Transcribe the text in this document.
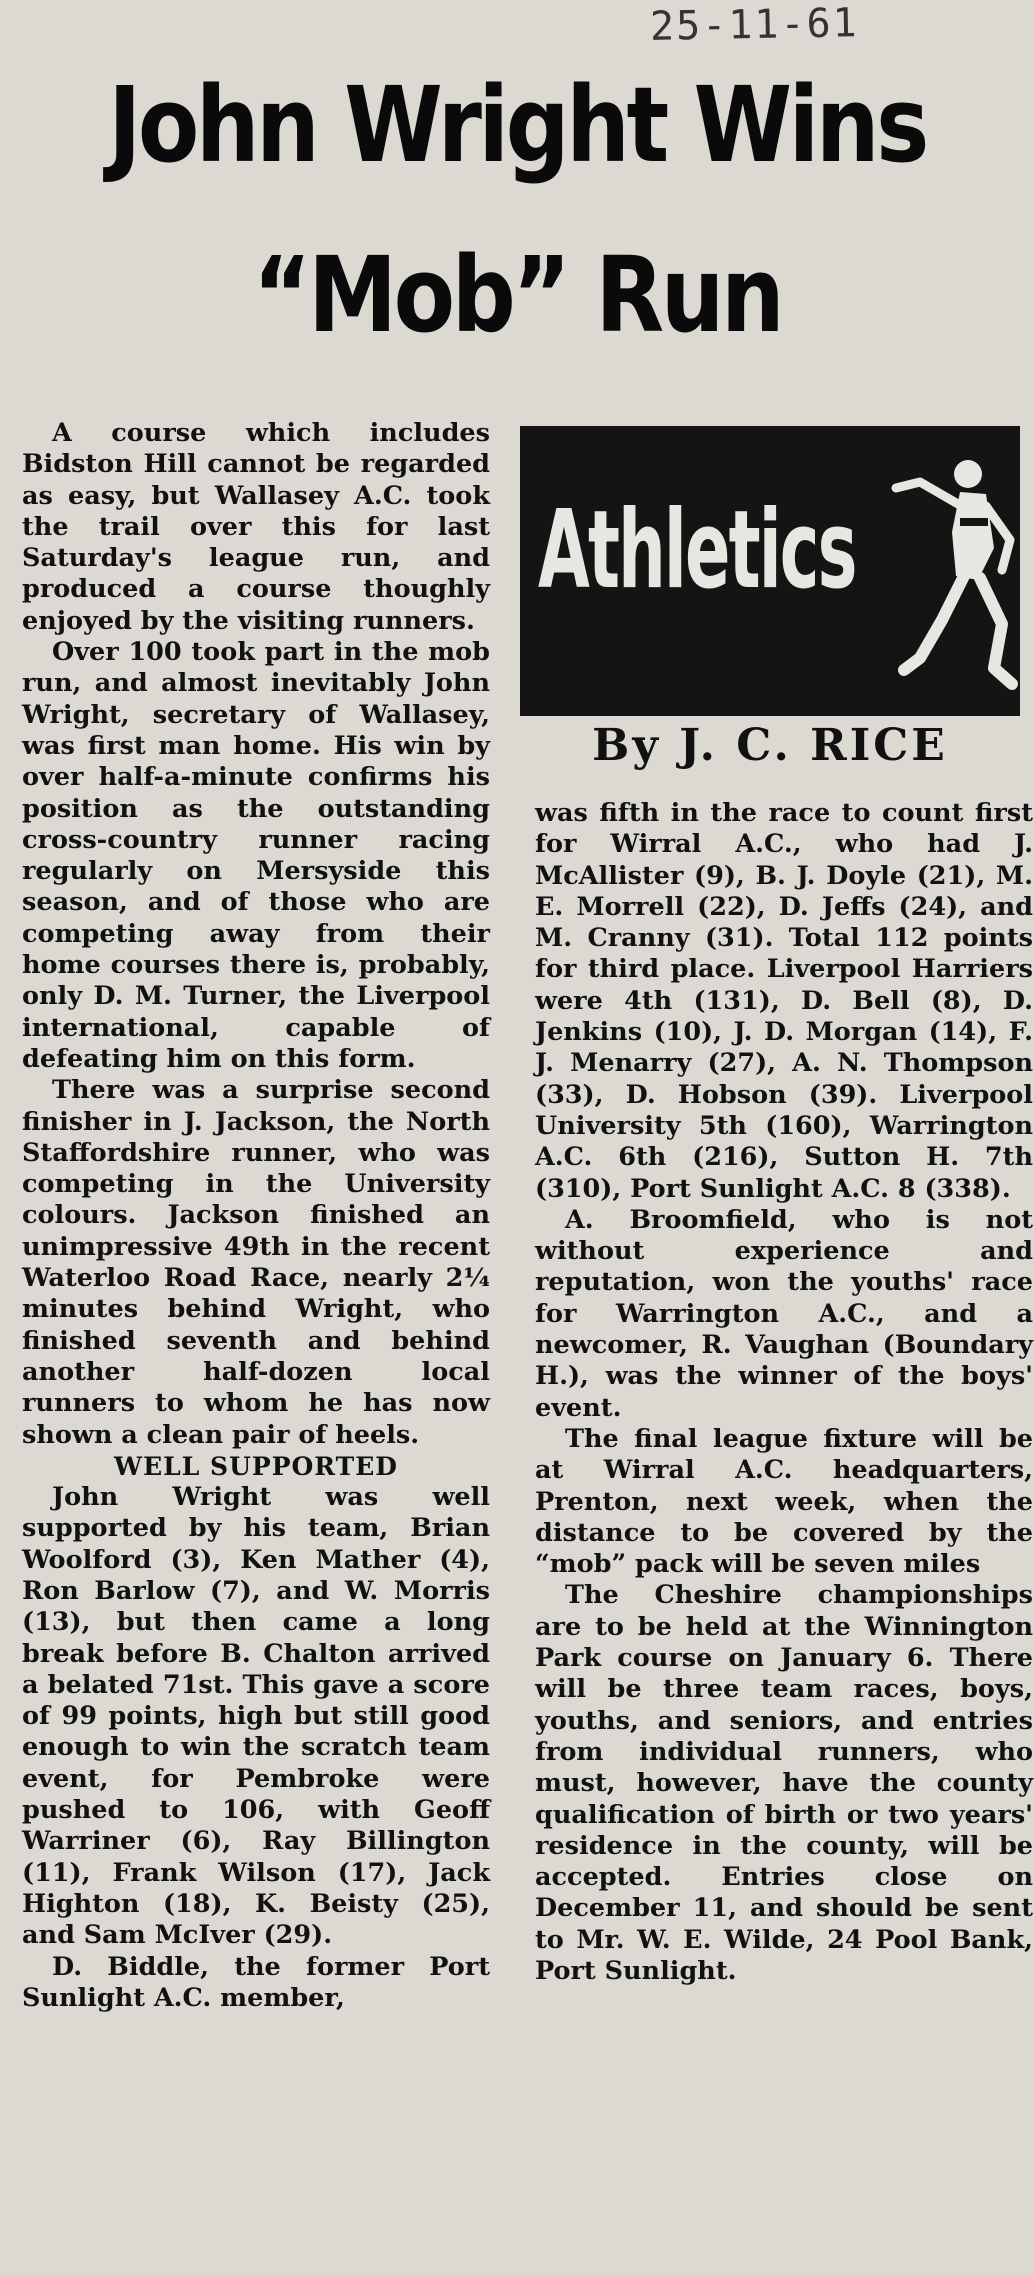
25-11-61
John Wright Wins
“Mob” Run
Athletics
By J. C. RICE

A course which includes Bidston Hill cannot be regarded as easy, but Wallasey A.C. took the trail over this for last Saturday's league run, and produced a course thoughly enjoyed by the visiting runners.

Over 100 took part in the mob run, and almost inevitably John Wright, secretary of Wallasey, was first man home. His win by over half-a-minute confirms his position as the outstanding cross-country runner racing regularly on Mersyside this season, and of those who are competing away from their home courses there is, probably, only D. M. Turner, the Liverpool international, capable of defeating him on this form.

There was a surprise second finisher in J. Jackson, the North Staffordshire runner, who was competing in the University colours. Jackson finished an unimpressive 49th in the recent Waterloo Road Race, nearly 2¼ minutes behind Wright, who finished seventh and behind another half-dozen local runners to whom he has now shown a clean pair of heels.

WELL SUPPORTED

John Wright was well supported by his team, Brian Woolford (3), Ken Mather (4), Ron Barlow (7), and W. Morris (13), but then came a long break before B. Chalton arrived a belated 71st. This gave a score of 99 points, high but still good enough to win the scratch team event, for Pembroke were pushed to 106, with Geoff Warriner (6), Ray Billington (11), Frank Wilson (17), Jack Highton (18), K. Beisty (25), and Sam McIver (29).

D. Biddle, the former Port Sunlight A.C. member,

was fifth in the race to count first for Wirral A.C., who had J. McAllister (9), B. J. Doyle (21), M. E. Morrell (22), D. Jeffs (24), and M. Cranny (31). Total 112 points for third place. Liverpool Harriers were 4th (131), D. Bell (8), D. Jenkins (10), J. D. Morgan (14), F. J. Menarry (27), A. N. Thompson (33), D. Hobson (39). Liverpool University 5th (160), Warrington A.C. 6th (216), Sutton H. 7th (310), Port Sunlight A.C. 8 (338).

A. Broomfield, who is not without experience and reputation, won the youths' race for Warrington A.C., and a newcomer, R. Vaughan (Boundary H.), was the winner of the boys' event.

The final league fixture will be at Wirral A.C. headquarters, Prenton, next week, when the distance to be covered by the “mob” pack will be seven miles

The Cheshire championships are to be held at the Winnington Park course on January 6. There will be three team races, boys, youths, and seniors, and entries from individual runners, who must, however, have the county qualification of birth or two years' residence in the county, will be accepted. Entries close on December 11, and should be sent to Mr. W. E. Wilde, 24 Pool Bank, Port Sunlight.
